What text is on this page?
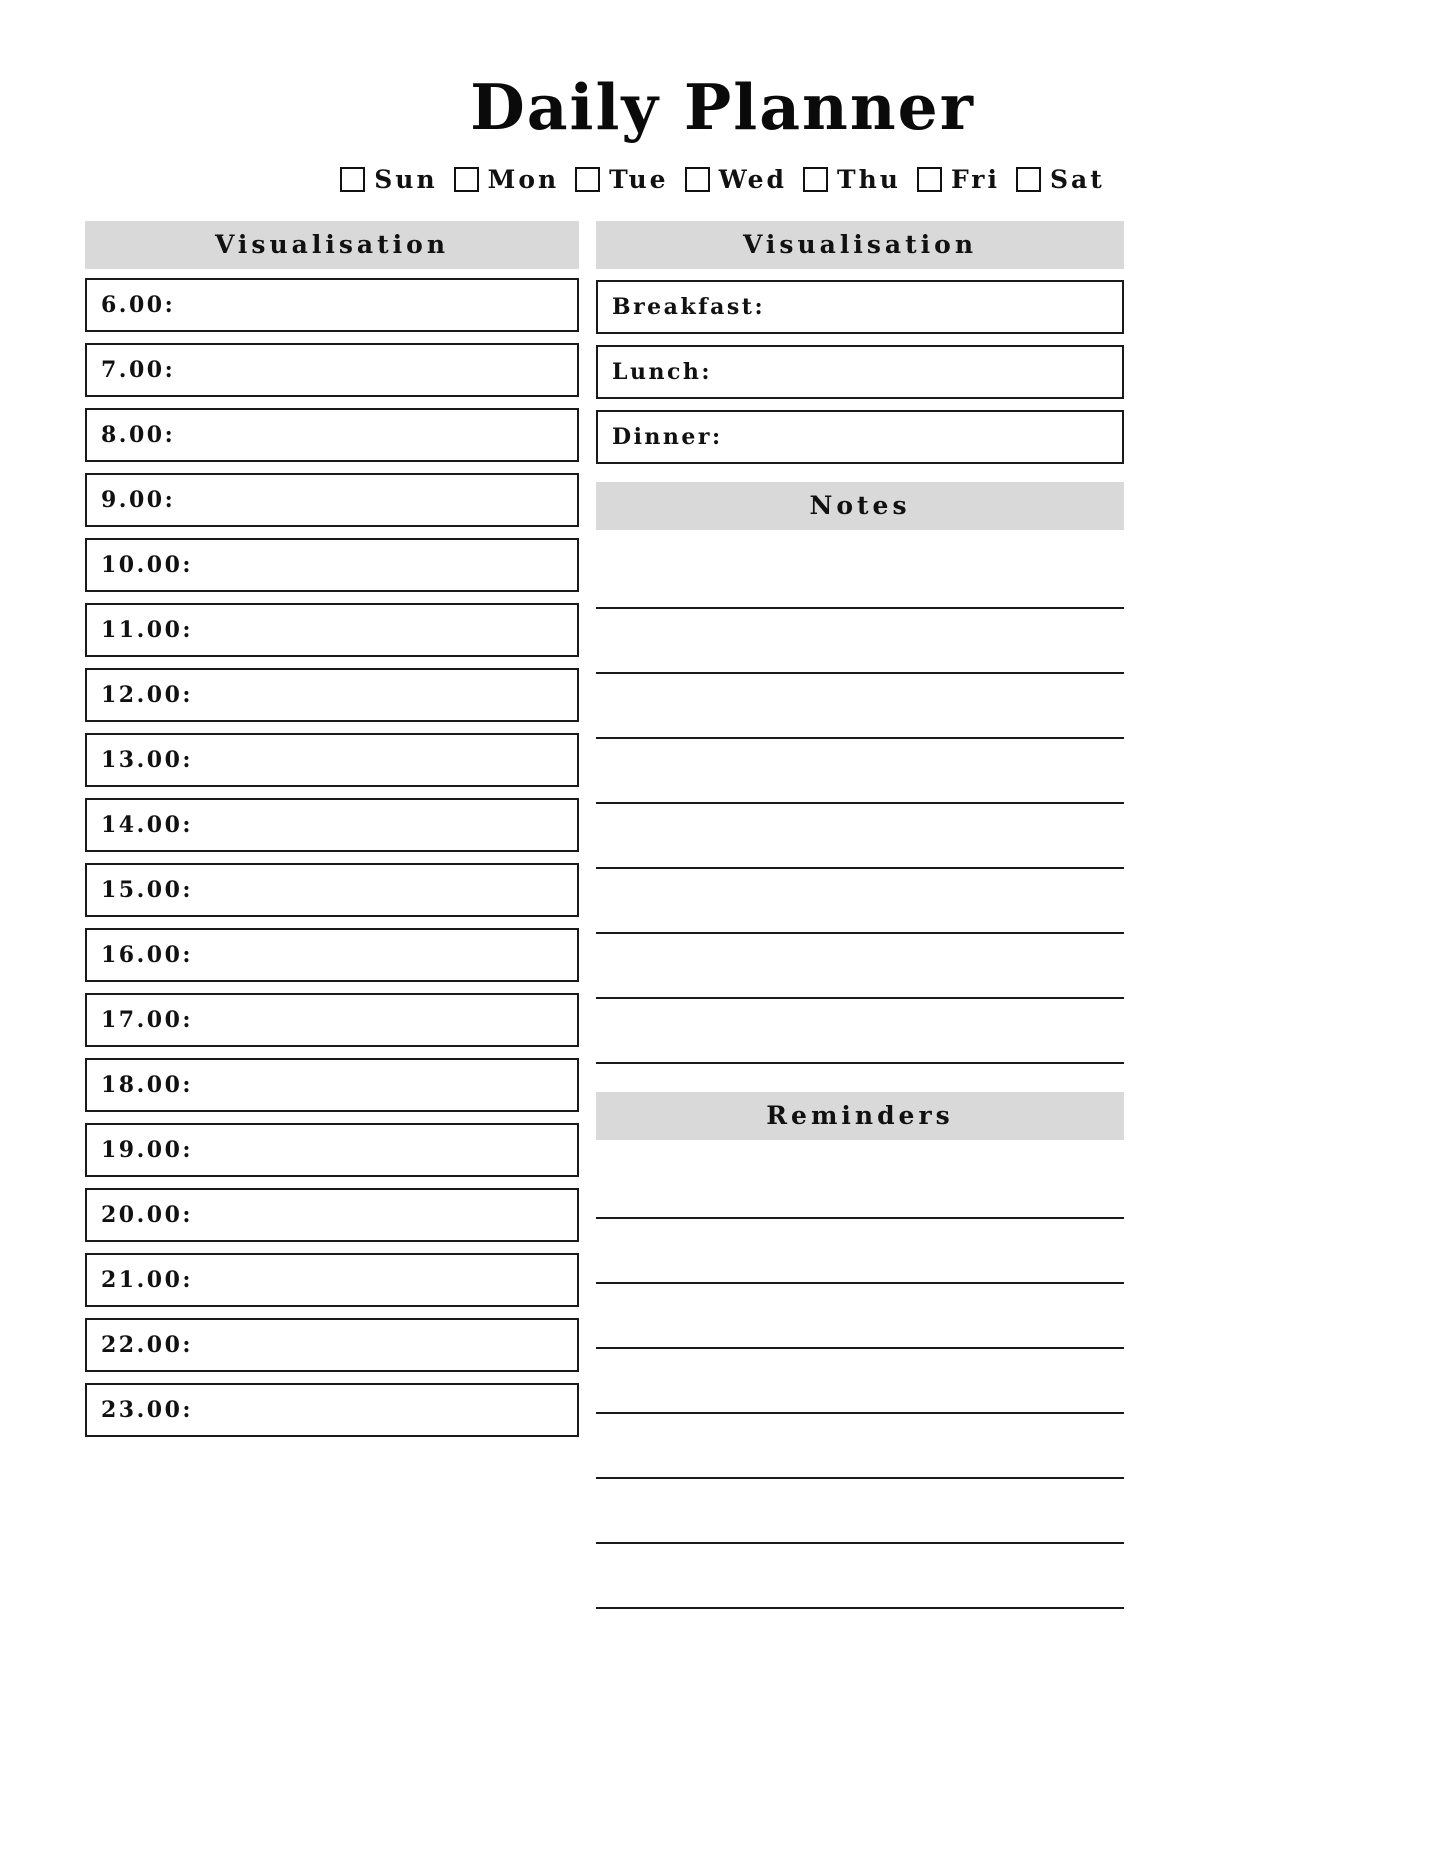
Daily Planner
Sun Mon Tue Wed Thu Fri Sat
Visualisation
6.00:
7.00:
8.00:
9.00:
10.00:
11.00:
12.00:
13.00:
14.00:
15.00:
16.00:
17.00:
18.00:
19.00:
20.00:
21.00:
22.00:
23.00:
Visualisation
Breakfast:
Lunch:
Dinner:
Notes
Reminders
